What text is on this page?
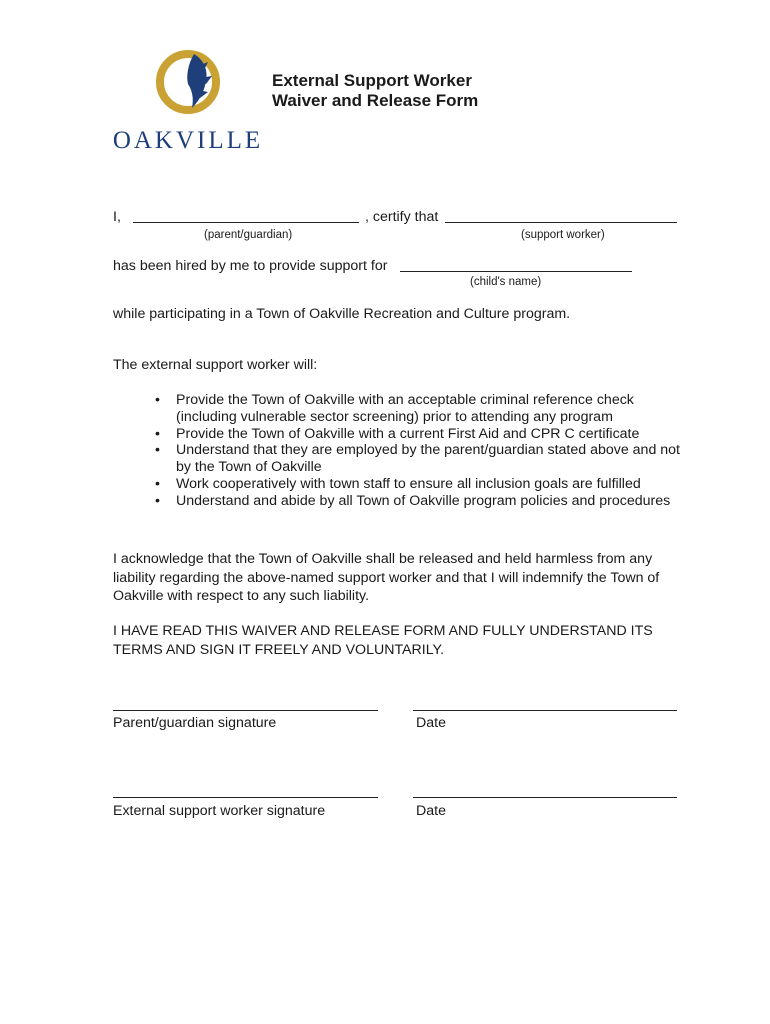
OAKVILLE
External Support Worker
Waiver and Release Form
I,	, certify that
(parent/guardian)	(support worker)
has been hired by me to provide support for
(child's name)
while participating in a Town of Oakville Recreation and Culture program.
The external support worker will:
• Provide the Town of Oakville with an acceptable criminal reference check (including vulnerable sector screening) prior to attending any program
• Provide the Town of Oakville with a current First Aid and CPR C certificate
• Understand that they are employed by the parent/guardian stated above and not by the Town of Oakville
• Work cooperatively with town staff to ensure all inclusion goals are fulfilled
• Understand and abide by all Town of Oakville program policies and procedures
I acknowledge that the Town of Oakville shall be released and held harmless from any liability regarding the above-named support worker and that I will indemnify the Town of Oakville with respect to any such liability.
I HAVE READ THIS WAIVER AND RELEASE FORM AND FULLY UNDERSTAND ITS TERMS AND SIGN IT FREELY AND VOLUNTARILY.
Parent/guardian signature	Date
External support worker signature	Date
